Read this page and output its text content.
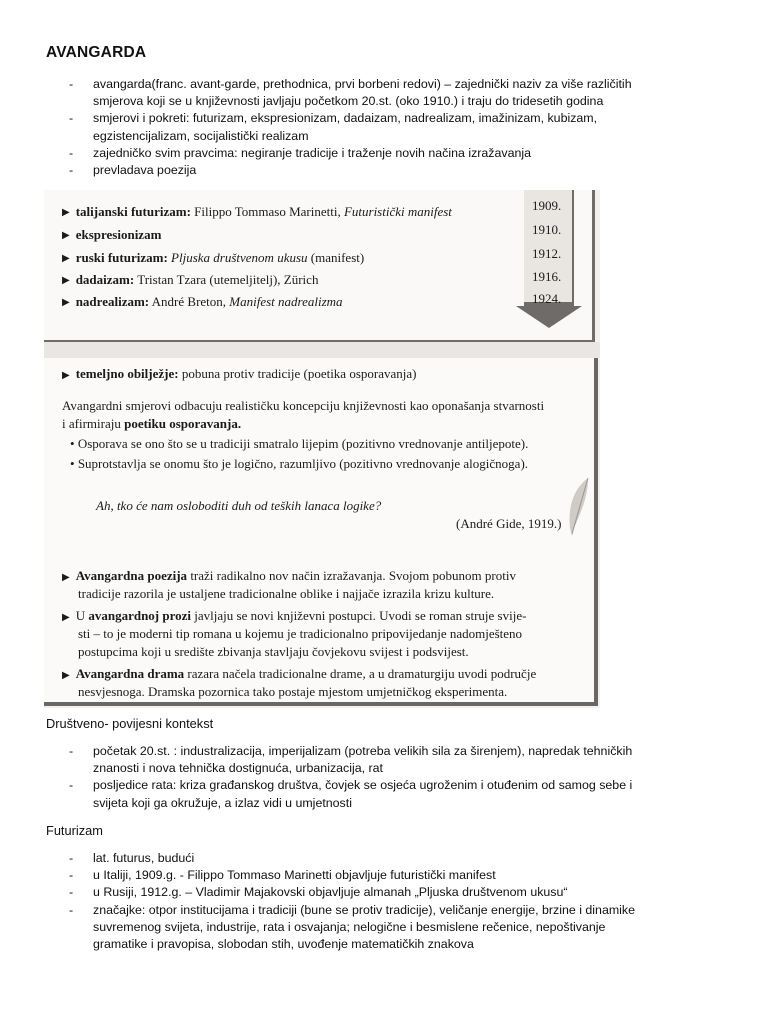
AVANGARDA
- avangarda(franc. avant-garde, prethodnica, prvi borbeni redovi) – zajednički naziv za više različitih
smjerova koji se u književnosti javljaju početkom 20.st. (oko 1910.) i traju do tridesetih godina
- smjerovi i pokreti: futurizam, ekspresionizam, dadaizam, nadrealizam, imažinizam, kubizam,
egzistencijalizam, socijalistički realizam
- zajedničko svim pravcima: negiranje tradicije i traženje novih načina izražavanja
- prevladava poezija
▶ talijanski futurizam: Filippo Tommaso Marinetti, Futuristički manifest
▶ ekspresionizam
▶ ruski futurizam: Pljuska društvenom ukusu (manifest)
▶ dadaizam: Tristan Tzara (utemeljitelj), Zürich
▶ nadrealizam: André Breton, Manifest nadrealizma
1909.
1910.
1912.
1916.
1924.
▶ temeljno obilježje: pobuna protiv tradicije (poetika osporavanja)
Avangardni smjerovi odbacuju realističku koncepciju književnosti kao oponašanja stvarnosti
i afirmiraju poetiku osporavanja.
• Osporava se ono što se u tradiciji smatralo lijepim (pozitivno vrednovanje antiljepote).
• Suprotstavlja se onomu što je logično, razumljivo (pozitivno vrednovanje alogičnoga).
Ah, tko će nam osloboditi duh od teških lanaca logike?
(André Gide, 1919.)
▶ Avangardna poezija traži radikalno nov način izražavanja. Svojom pobunom protiv
tradicije razorila je ustaljene tradicionalne oblike i najjače izrazila krizu kulture.
▶ U avangardnoj prozi javljaju se novi književni postupci. Uvodi se roman struje svije-
sti – to je moderni tip romana u kojemu je tradicionalno pripovijedanje nadomješteno
postupcima koji u središte zbivanja stavljaju čovjekovu svijest i podsvijest.
▶ Avangardna drama razara načela tradicionalne drame, a u dramaturgiju uvodi područje
nesvjesnoga. Dramska pozornica tako postaje mjestom umjetničkog eksperimenta.
Društveno- povijesni kontekst
- početak 20.st. : industralizacija, imperijalizam (potreba velikih sila za širenjem), napredak tehničkih
znanosti i nova tehnička dostignuća, urbanizacija, rat
- posljedice rata: kriza građanskog društva, čovjek se osjeća ugroženim i otuđenim od samog sebe i
svijeta koji ga okružuje, a izlaz vidi u umjetnosti
Futurizam
- lat. futurus, budući
- u Italiji, 1909.g. - Filippo Tommaso Marinetti objavljuje futuristički manifest
- u Rusiji, 1912.g. – Vladimir Majakovski objavljuje almanah „Pljuska društvenom ukusu“
- značajke: otpor institucijama i tradiciji (bune se protiv tradicije), veličanje energije, brzine i dinamike
suvremenog svijeta, industrije, rata i osvajanja; nelogične i besmislene rečenice, nepoštivanje
gramatike i pravopisa, slobodan stih, uvođenje matematičkih znakova
